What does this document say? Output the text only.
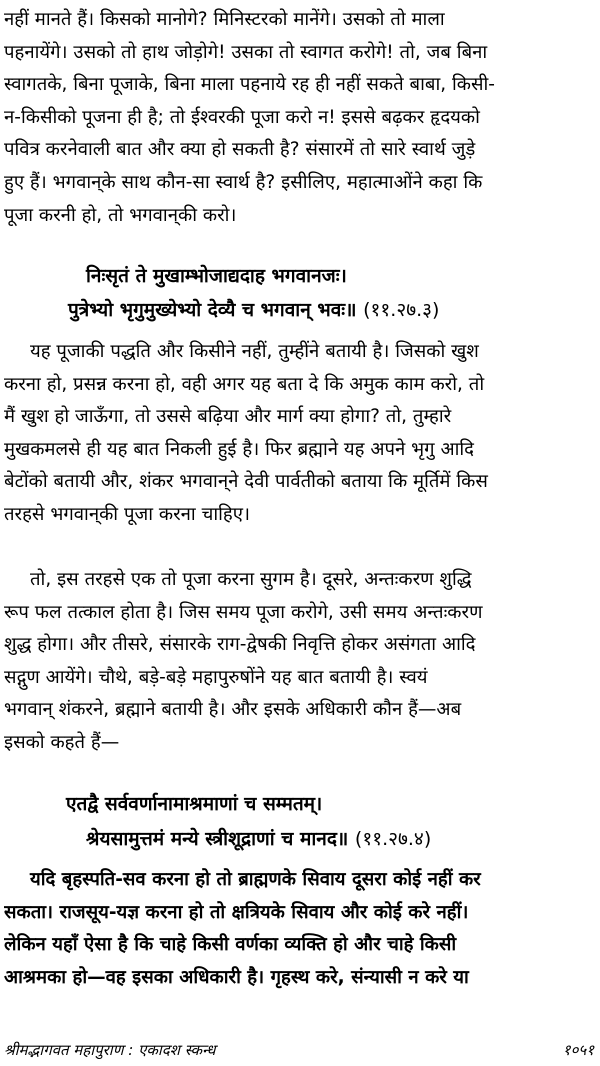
नहीं मानते हैं। किसको मानोगे? मिनिस्टरको मानेंगे। उसको तो माला
पहनायेंगे। उसको तो हाथ जोड़ोगे! उसका तो स्वागत करोगे! तो, जब बिना
स्वागतके, बिना पूजाके, बिना माला पहनाये रह ही नहीं सकते बाबा, किसी-
न-किसीको पूजना ही है; तो ईश्वरकी पूजा करो न! इससे बढ़कर हृदयको
पवित्र करनेवाली बात और क्या हो सकती है? संसारमें तो सारे स्वार्थ जुड़े
हुए हैं। भगवान्‌के साथ कौन-सा स्वार्थ है? इसीलिए, महात्माओंने कहा कि
पूजा करनी हो, तो भगवान्‌की करो।
निःसृतं ते मुखाम्भोजाद्यदाह भगवानजः।
पुत्रेभ्यो भृगुमुख्येभ्यो देव्यै च भगवान् भवः॥ (११.२७.३)
यह पूजाकी पद्धति और किसीने नहीं, तुम्हींने बतायी है। जिसको खुश
करना हो, प्रसन्न करना हो, वही अगर यह बता दे कि अमुक काम करो, तो
मैं खुश हो जाऊँगा, तो उससे बढ़िया और मार्ग क्या होगा? तो, तुम्हारे
मुखकमलसे ही यह बात निकली हुई है। फिर ब्रह्माने यह अपने भृगु आदि
बेटोंको बतायी और, शंकर भगवान्‌ने देवी पार्वतीको बताया कि मूर्तिमें किस
तरहसे भगवान्‌की पूजा करना चाहिए।
तो, इस तरहसे एक तो पूजा करना सुगम है। दूसरे, अन्तःकरण शुद्धि
रूप फल तत्काल होता है। जिस समय पूजा करोगे, उसी समय अन्तःकरण
शुद्ध होगा। और तीसरे, संसारके राग-द्वेषकी निवृत्ति होकर असंगता आदि
सद्गुण आयेंगे। चौथे, बड़े-बड़े महापुरुषोंने यह बात बतायी है। स्वयं
भगवान् शंकरने, ब्रह्माने बतायी है। और इसके अधिकारी कौन हैं—अब
इसको कहते हैं—
एतद्वै सर्ववर्णानामाश्रमाणां च सम्मतम्।
श्रेयसामुत्तमं मन्ये स्त्रीशूद्राणां च मानद॥ (११.२७.४)
यदि बृहस्पति-सव करना हो तो ब्राह्मणके सिवाय दूसरा कोई नहीं कर
सकता। राजसूय-यज्ञ करना हो तो क्षत्रियके सिवाय और कोई करे नहीं।
लेकिन यहाँ ऐसा है कि चाहे किसी वर्णका व्यक्ति हो और चाहे किसी
आश्रमका हो—वह इसका अधिकारी है। गृहस्थ करे, संन्यासी न करे या
श्रीमद्भागवत महापुराण : एकादश स्कन्ध	१०५१
